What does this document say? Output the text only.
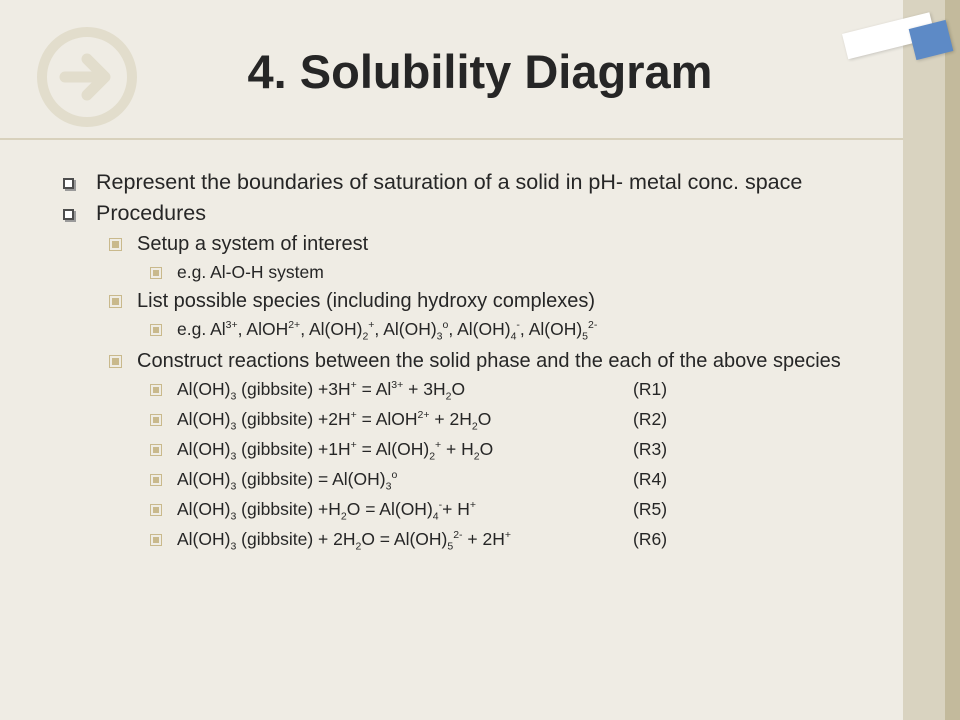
4. Solubility Diagram
Represent the boundaries of saturation of a solid in pH- metal conc. space
Procedures
Setup a system of interest
e.g. Al-O-H system
List possible species (including hydroxy complexes)
e.g. $Al^{3+}$, AlOH$^{2+}$, $Al(OH)_2^+$, $Al(OH)_3^o$, $Al(OH)_4^-$, $Al(OH)_5^{2-}$
Construct reactions between the solid phase and the each of the above species
$Al(OH)_3$ (gibbsite) $+3H^+ = Al^{3+} + 3H_2O$	(R1)
$Al(OH)_3$ (gibbsite) +2H+ = AlOH$^{2+}$ + $2H_2O$	(R2)
$Al(OH)_3$ (gibbsite) $+1H^+ = Al(OH)_2^+ + H_2O$	(R3)
$Al(OH)_3$ (gibbsite) = $Al(OH)_3^o$	(R4)
$Al(OH)_3$ (gibbsite) $+H_2O = Al(OH)_4^-+ H^+$	(R5)
$Al(OH)_3$ (gibbsite) + $2H_2O = Al(OH)_5^{2-} + 2H^+$	(R6)
